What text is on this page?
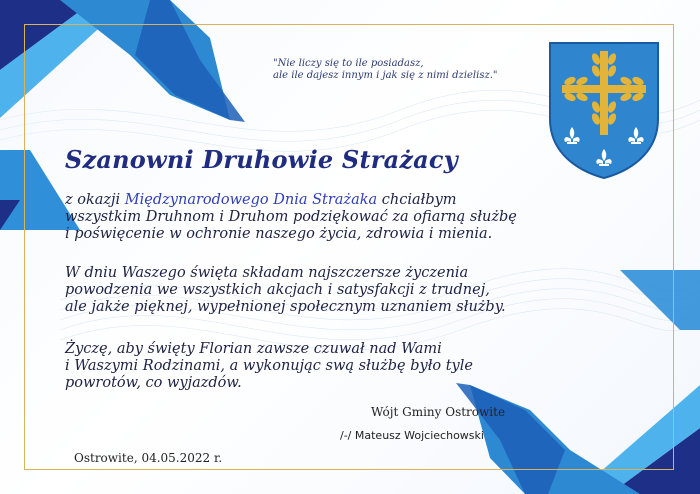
"Nie liczy się to ile posiadasz,
ale ile dajesz innym i jak się z nimi dzielisz."
Szanowni Druhowie Strażacy
z okazji Międzynarodowego Dnia Strażaka chciałbym
wszystkim Druhnom i Druhom podziękować za ofiarną służbę
i poświęcenie w ochronie naszego życia, zdrowia i mienia.
W dniu Waszego święta składam najszczersze życzenia
powodzenia we wszystkich akcjach i satysfakcji z trudnej,
ale jakże pięknej, wypełnionej społecznym uznaniem służby.
Życzę, aby święty Florian zawsze czuwał nad Wami
i Waszymi Rodzinami, a wykonując swą służbę było tyle
powrotów, co wyjazdów.
Wójt Gminy Ostrowite
/-/ Mateusz Wojciechowski
Ostrowite, 04.05.2022 r.
